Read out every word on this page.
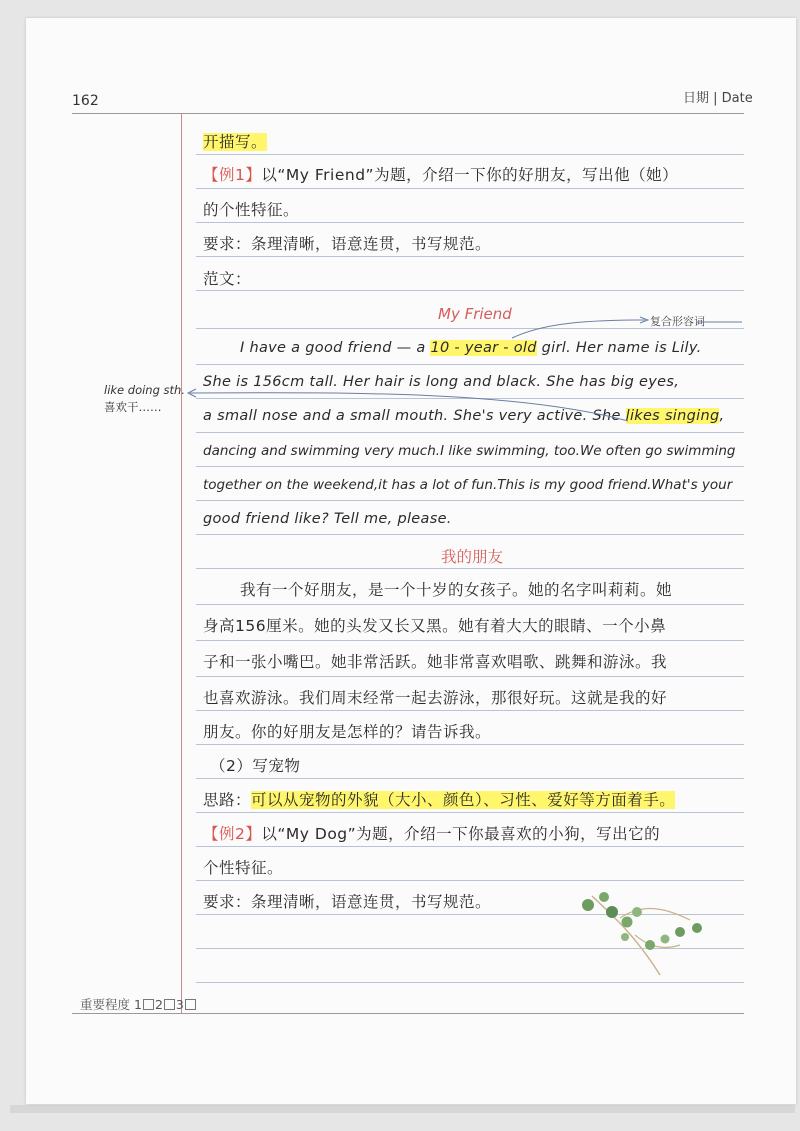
162	日期 | Date
开描写。
【例1】以“My Friend”为题，介绍一下你的好朋友，写出他（她）
的个性特征。
要求：条理清晰，语意连贯，书写规范。
范文：
My Friend
I have a good friend — a 10 - year - old girl. Her name is Lily.
She is 156cm tall. Her hair is long and black. She has big eyes,
a small nose and a small mouth. She's very active. She likes singing,
dancing and swimming very much.I like swimming, too.We often go swimming
together on the weekend,it has a lot of fun.This is my good friend.What's your
good friend like? Tell me, please.
复合形容词
like doing sth.
喜欢干……
我的朋友
我有一个好朋友，是一个十岁的女孩子。她的名字叫莉莉。她
身高156厘米。她的头发又长又黑。她有着大大的眼睛、一个小鼻
子和一张小嘴巴。她非常活跃。她非常喜欢唱歌、跳舞和游泳。我
也喜欢游泳。我们周末经常一起去游泳，那很好玩。这就是我的好
朋友。你的好朋友是怎样的？请告诉我。
（2）写宠物
思路：可以从宠物的外貌（大小、颜色）、习性、爱好等方面着手。
【例2】以“My Dog”为题，介绍一下你最喜欢的小狗，写出它的
个性特征。
要求：条理清晰，语意连贯，书写规范。
重要程度 1 2 3
